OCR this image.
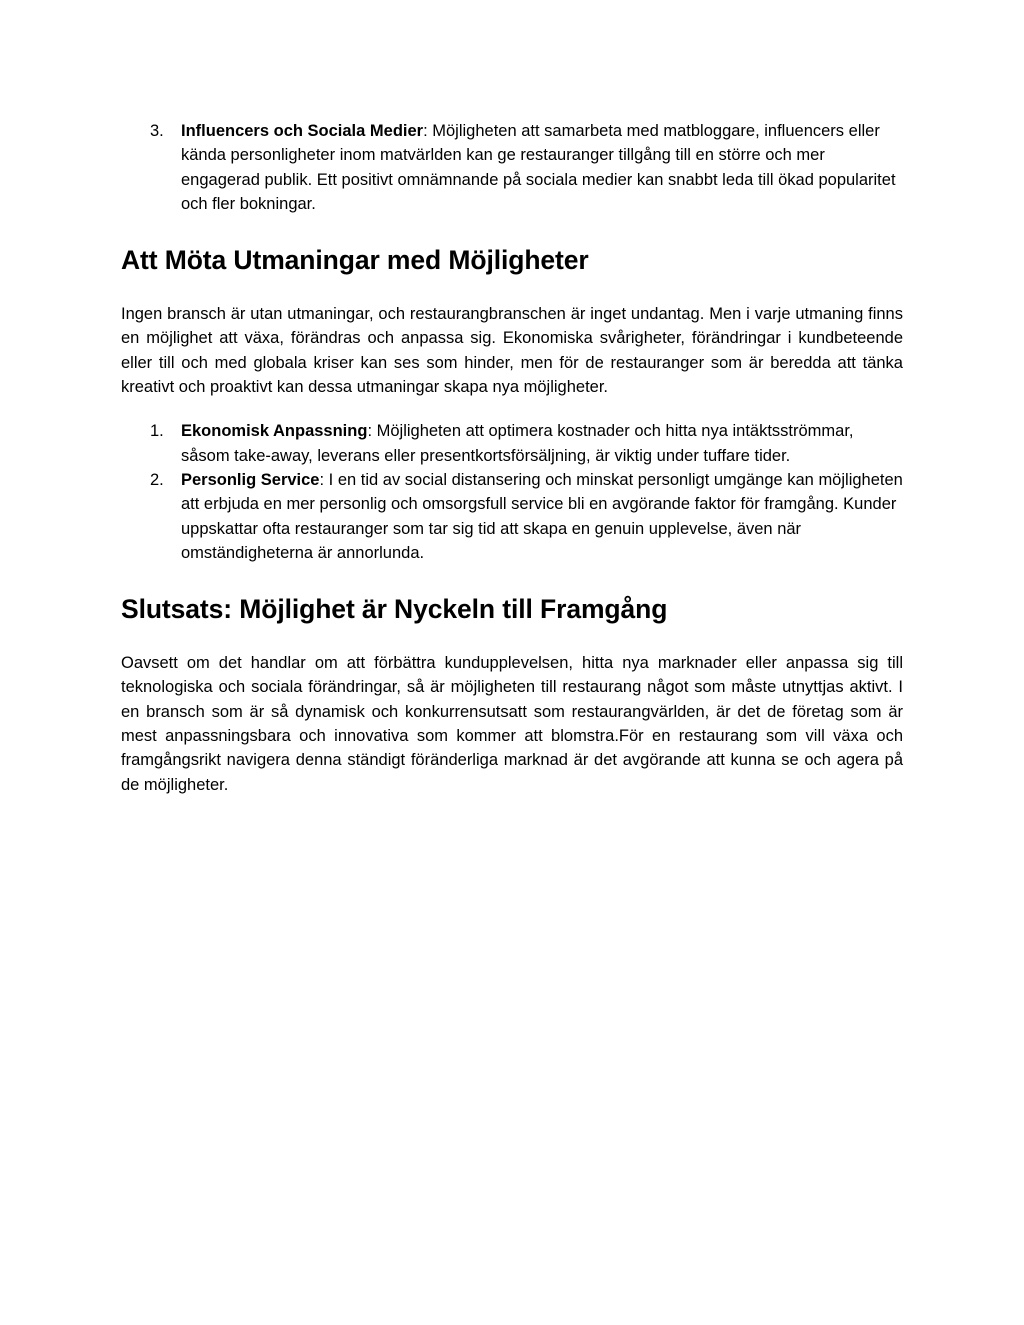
3. Influencers och Sociala Medier: Möjligheten att samarbeta med matbloggare, influencers eller kända personligheter inom matvärlden kan ge restauranger tillgång till en större och mer engagerad publik. Ett positivt omnämnande på sociala medier kan snabbt leda till ökad popularitet och fler bokningar.
Att Möta Utmaningar med Möjligheter

Ingen bransch är utan utmaningar, och restaurangbranschen är inget undantag. Men i varje utmaning finns en möjlighet att växa, förändras och anpassa sig. Ekonomiska svårigheter, förändringar i kundbeteende eller till och med globala kriser kan ses som hinder, men för de restauranger som är beredda att tänka kreativt och proaktivt kan dessa utmaningar skapa nya möjligheter.

1. Ekonomisk Anpassning: Möjligheten att optimera kostnader och hitta nya intäktsströmmar, såsom take-away, leverans eller presentkortsförsäljning, är viktig under tuffare tider.
2. Personlig Service: I en tid av social distansering och minskat personligt umgänge kan möjligheten att erbjuda en mer personlig och omsorgsfull service bli en avgörande faktor för framgång. Kunder uppskattar ofta restauranger som tar sig tid att skapa en genuin upplevelse, även när omständigheterna är annorlunda.
Slutsats: Möjlighet är Nyckeln till Framgång

Oavsett om det handlar om att förbättra kundupplevelsen, hitta nya marknader eller anpassa sig till teknologiska och sociala förändringar, så är möjligheten till restaurang något som måste utnyttjas aktivt. I en bransch som är så dynamisk och konkurrensutsatt som restaurangvärlden, är det de företag som är mest anpassningsbara och innovativa som kommer att blomstra.För en restaurang som vill växa och framgångsrikt navigera denna ständigt föränderliga marknad är det avgörande att kunna se och agera på de möjligheter.
